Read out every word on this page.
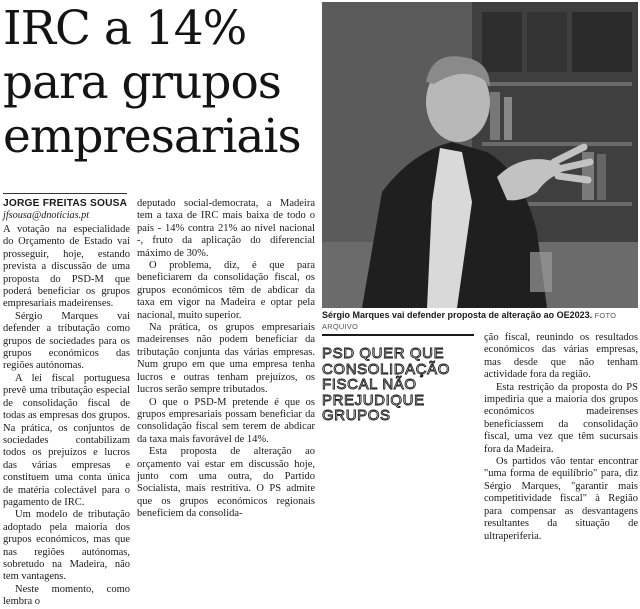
IRC a 14%
para grupos
empresariais
JORGE FREITAS SOUSA
jfsousa@dnoticias.pt

A votação na especialidade do Orçamento de Estado vai prosseguir, hoje, estando prevista a discussão de uma proposta do PSD-M que poderá beneficiar os grupos empresariais madeirenses.

Sérgio Marques vai defender a tributação como grupos de sociedades para os grupos económicos das regiões autónomas.

A lei fiscal portuguesa prevê uma tributação especial de consolidação fiscal de todas as empresas dos grupos. Na prática, os conjuntos de sociedades contabilizam todos os prejuízos e lucros das várias empresas e constituem uma conta única de matéria colectável para o pagamento de IRC.

Um modelo de tributação adoptado pela maioria dos grupos económicos, mas que nas regiões autónomas, sobretudo na Madeira, não tem vantagens.

Neste momento, como lembra o

deputado social-democrata, a Madeira tem a taxa de IRC mais baixa de todo o país - 14% contra 21% ao nível nacional -, fruto da aplicação do diferencial máximo de 30%.

O problema, diz, é que para beneficiarem da consolidação fiscal, os grupos económicos têm de abdicar da taxa em vigor na Madeira e optar pela nacional, muito superior.

Na prática, os grupos empresariais madeirenses não podem beneficiar da tributação conjunta das várias empresas. Num grupo em que uma empresa tenha lucros e outras tenham prejuízos, os lucros serão sempre tributados.

O que o PSD-M pretende é que os grupos empresariais possam beneficiar da consolidação fiscal sem terem de abdicar da taxa mais favorável de 14%.

Esta proposta de alteração ao orçamento vai estar em discussão hoje, junto com uma outra, do Partido Socialista, mais restritiva. O PS admite que os grupos económicos regionais beneficiem da consolida-

Sérgio Marques vai defender proposta de alteração ao OE2023. FOTO ARQUIVO
PSD QUER QUE
CONSOLIDAÇÃO
FISCAL NÃO
PREJUDIQUE
GRUPOS

ção fiscal, reunindo os resultados económicos das várias empresas, mas desde que não tenham actividade fora da região.

Esta restrição da proposta do PS impediria que a maioria dos grupos económicos madeirenses beneficiassem da consolidação fiscal, uma vez que têm sucursais fora da Madeira.

Os partidos vão tentar encontrar "uma forma de equilíbrio" para, diz Sérgio Marques, "garantir mais competitividade fiscal" à Região para compensar as desvantagens resultantes da situação de ultraperiferia.
